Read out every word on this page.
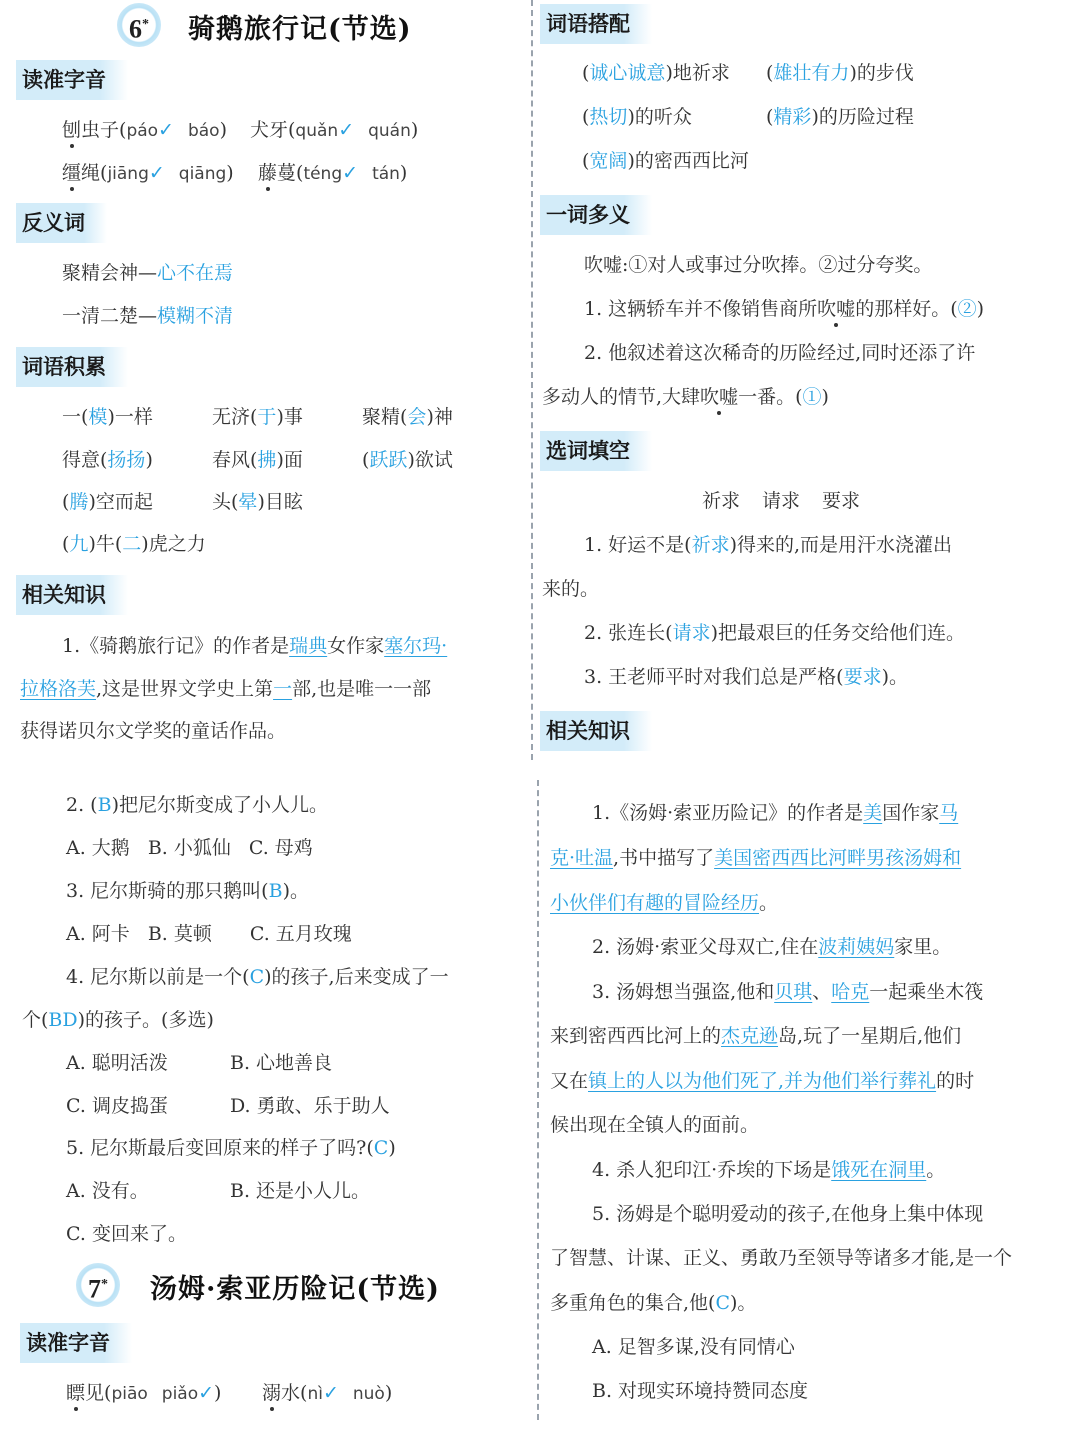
6*	骑鹅旅行记(节选)
读准字音
刨虫子(páo✓ báo) 犬牙(quǎn✓ quán)
缰绳(jiāng✓ qiāng) 藤蔓(téng✓ tán)
反义词
聚精会神—心不在焉
一清二楚—模糊不清
词语积累
一(模)一样	无济(于)事	聚精(会)神
得意(扬扬)	春风(拂)面	(跃跃)欲试
(腾)空而起	头(晕)目眩
(九)牛(二)虎之力
相关知识
1.《骑鹅旅行记》的作者是瑞典女作家塞尔玛·
拉格洛芙,这是世界文学史上第一部,也是唯一一部
获得诺贝尔文学奖的童话作品。
词语搭配
(诚心诚意)地祈求 (雄壮有力)的步伐
(热切)的听众	(精彩)的历险过程
(宽阔)的密西西比河
一词多义
吹嘘:①对人或事过分吹捧。②过分夸奖。
1. 这辆轿车并不像销售商所吹嘘的那样好。(②)
2. 他叙述着这次稀奇的历险经过,同时还添了许
多动人的情节,大肆吹嘘一番。(①)
选词填空
祈求 请求 要求
1. 好运不是(祈求)得来的,而是用汗水浇灌出
来的。
2. 张连长(请求)把最艰巨的任务交给他们连。
3. 王老师平时对我们总是严格(要求)。
相关知识
2. (B)把尼尔斯变成了小人儿。
A. 大鹅 B. 小狐仙 C. 母鸡
3. 尼尔斯骑的那只鹅叫(B)。
A. 阿卡 B. 莫顿 C. 五月玫瑰
4. 尼尔斯以前是一个(C)的孩子,后来变成了一
个(BD)的孩子。(多选)
A. 聪明活泼	B. 心地善良
C. 调皮捣蛋	D. 勇敢、乐于助人
5. 尼尔斯最后变回原来的样子了吗?(C)
A. 没有。	B. 还是小人儿。
C. 变回来了。
7*	汤姆·索亚历险记(节选)
读准字音
瞟见(piāo piǎo✓) 溺水(nì✓ nuò)
1.《汤姆·索亚历险记》的作者是美国作家马
克·吐温,书中描写了美国密西西比河畔男孩汤姆和
小伙伴们有趣的冒险经历。
2. 汤姆·索亚父母双亡,住在波莉姨妈家里。
3. 汤姆想当强盗,他和贝琪、哈克一起乘坐木筏
来到密西西比河上的杰克逊岛,玩了一星期后,他们
又在镇上的人以为他们死了,并为他们举行葬礼的时
候出现在全镇人的面前。
4. 杀人犯印江·乔埃的下场是饿死在洞里。
5. 汤姆是个聪明爱动的孩子,在他身上集中体现
了智慧、计谋、正义、勇敢乃至领导等诸多才能,是一个
多重角色的集合,他(C)。
A. 足智多谋,没有同情心
B. 对现实环境持赞同态度
